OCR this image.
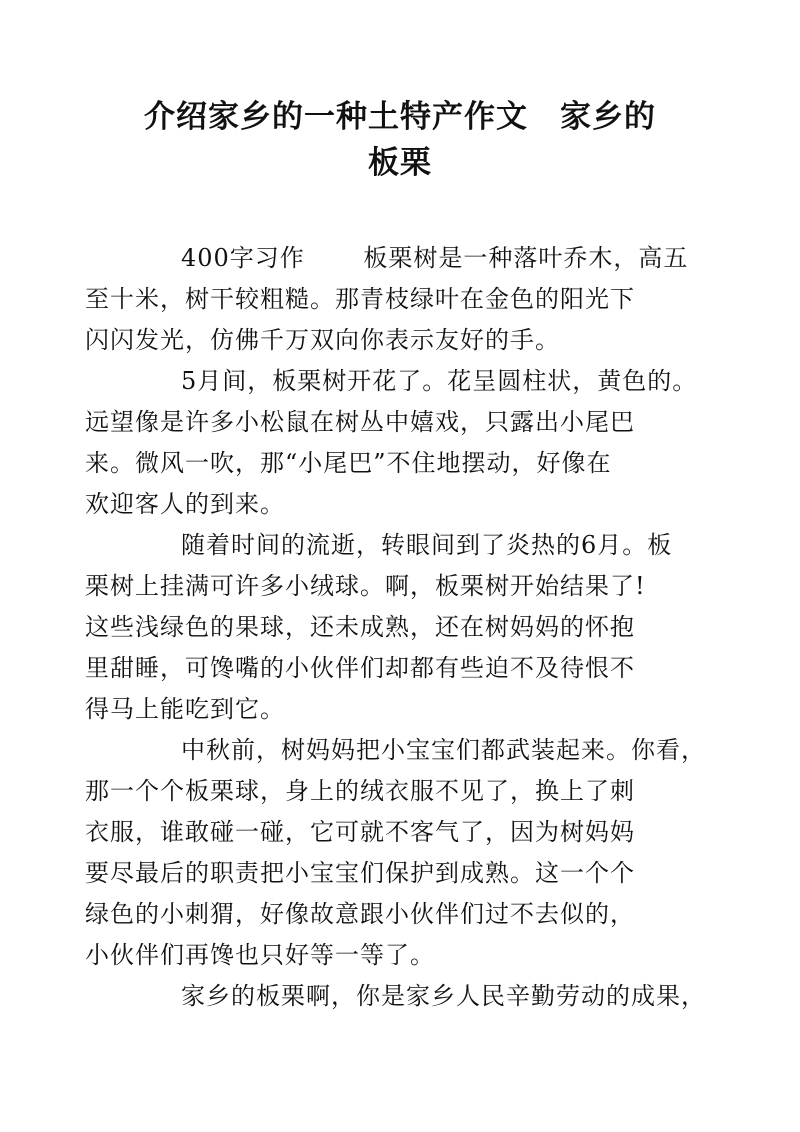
介绍家乡的一种土特产作文　家乡的
板栗

400字习作　　 板栗树是一种落叶乔木，高五
至十米，树干较粗糙。那青枝绿叶在金色的阳光下
闪闪发光，仿佛千万双向你表示友好的手。

5月间，板栗树开花了。花呈圆柱状，黄色的。
远望像是许多小松鼠在树丛中嬉戏，只露出小尾巴
来。微风一吹，那“小尾巴”不住地摆动，好像在
欢迎客人的到来。

随着时间的流逝，转眼间到了炎热的6月。板
栗树上挂满可许多小绒球。啊，板栗树开始结果了!
这些浅绿色的果球，还未成熟，还在树妈妈的怀抱
里甜睡，可馋嘴的小伙伴们却都有些迫不及待恨不
得马上能吃到它。

中秋前，树妈妈把小宝宝们都武装起来。你看，
那一个个板栗球，身上的绒衣服不见了，换上了刺
衣服，谁敢碰一碰，它可就不客气了，因为树妈妈
要尽最后的职责把小宝宝们保护到成熟。这一个个
绿色的小刺猬，好像故意跟小伙伴们过不去似的，
小伙伴们再馋也只好等一等了。

家乡的板栗啊，你是家乡人民辛勤劳动的成果，
